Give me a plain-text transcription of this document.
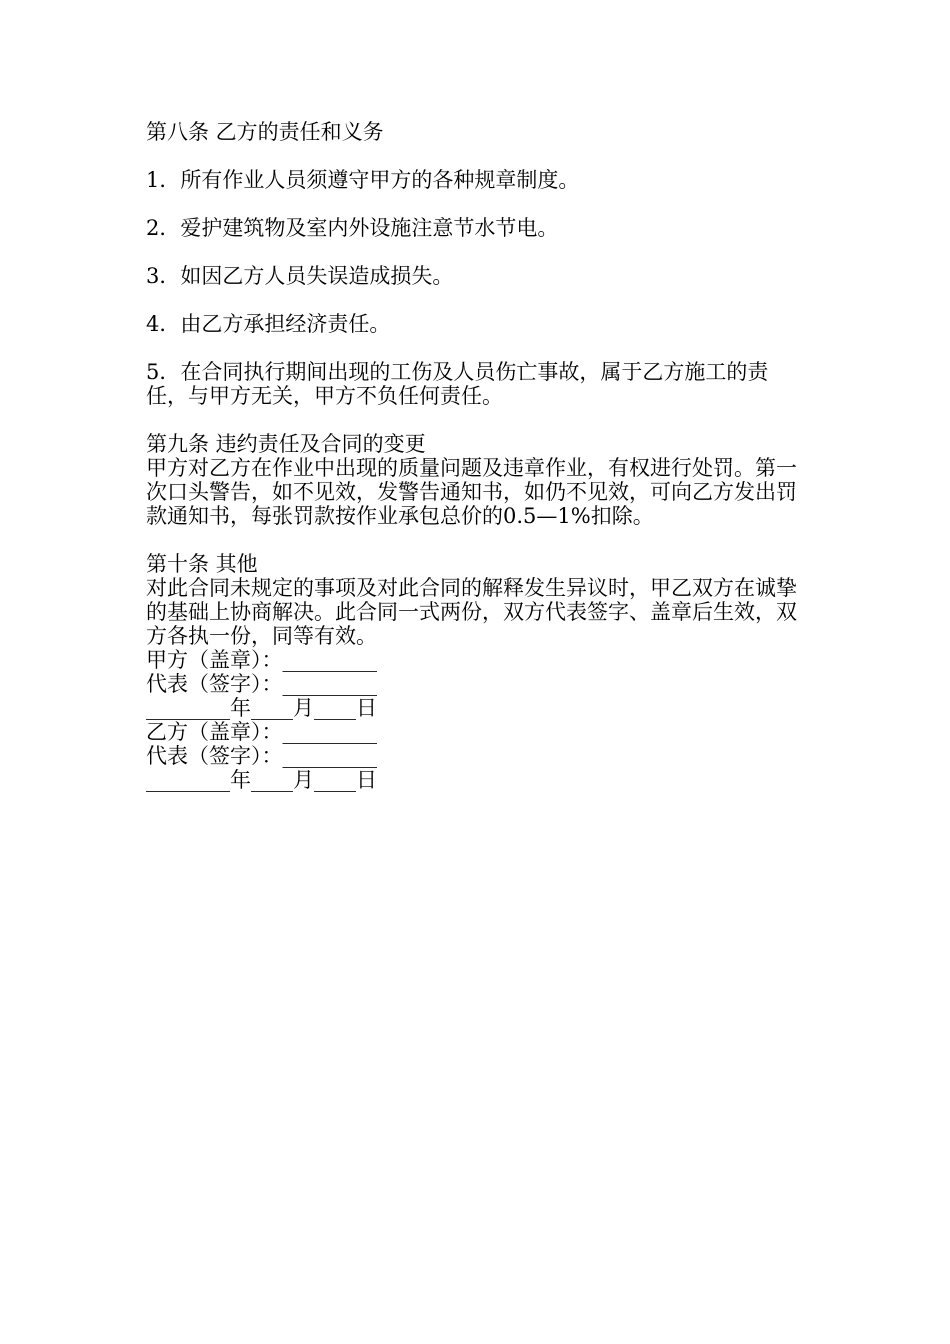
第八条 乙方的责任和义务

1．所有作业人员须遵守甲方的各种规章制度。

2．爱护建筑物及室内外设施注意节水节电。

3．如因乙方人员失误造成损失。

4．由乙方承担经济责任。

5．在合同执行期间出现的工伤及人员伤亡事故，属于乙方施工的责任，与甲方无关，甲方不负任何责任。

第九条 违约责任及合同的变更

甲方对乙方在作业中出现的质量问题及违章作业，有权进行处罚。第一次口头警告，如不见效，发警告通知书，如仍不见效，可向乙方发出罚款通知书，每张罚款按作业承包总价的0.5—1%扣除。

第十条 其他

对此合同未规定的事项及对此合同的解释发生异议时，甲乙双方在诚挚的基础上协商解决。此合同一式两份，双方代表签字、盖章后生效，双方各执一份，同等有效。

甲方（盖章）：_________

代表（签字）：_________

________年____月____日

乙方（盖章）：_________

代表（签字）：_________

________年____月____日
